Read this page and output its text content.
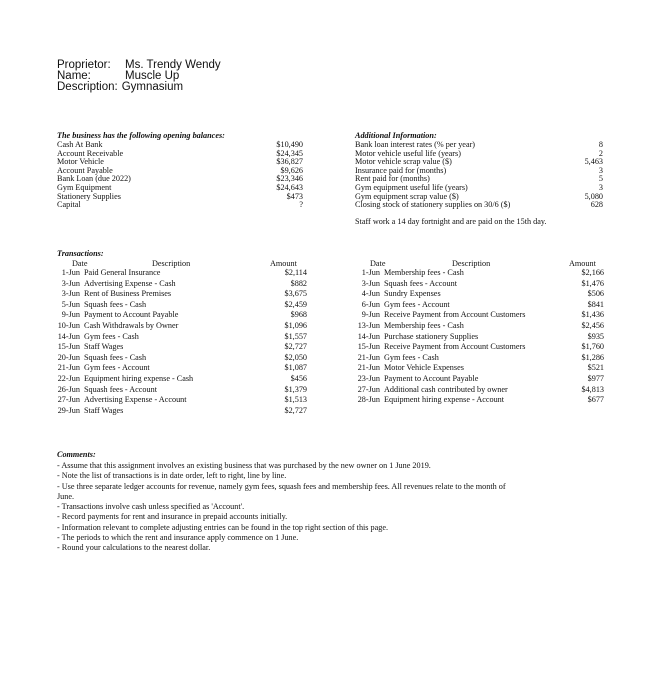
Proprietor:	Ms. Trendy Wendy
Name:	Muscle Up
Description: Gymnasium
The business has the following opening balances:
Cash At Bank	$10,490
Account Receivable	$24,345
Motor Vehicle	$36,827
Account Payable	$9,626
Bank Loan (due 2022)	$23,346
Gym Equipment	$24,643
Stationery Supplies	$473
Capital	?
Additional Information:
Bank loan interest rates (% per year)	8
Motor vehicle useful life (years)	2
Motor vehicle scrap value ($)	5,463
Insurance paid for (months)	3
Rent paid for (months)	5
Gym equipment useful life (years)	3
Gym equipment scrap value ($)	5,080
Closing stock of stationery supplies on 30/6 ($)	628
Staff work a 14 day fortnight and are paid on the 15th day.
Transactions:
Date	Description	Amount
1-Jun Paid General Insurance	$2,114
3-Jun Advertising Expense - Cash	$882
3-Jun Rent of Business Premises	$3,675
5-Jun Squash fees - Cash	$2,459
9-Jun Payment to Account Payable	$968
10-Jun Cash Withdrawals by Owner	$1,096
14-Jun Gym fees - Cash	$1,557
15-Jun Staff Wages	$2,727
20-Jun Squash fees - Cash	$2,050
21-Jun Gym fees - Account	$1,087
22-Jun Equipment hiring expense - Cash	$456
26-Jun Squash fees - Account	$1,379
27-Jun Advertising Expense - Account	$1,513
29-Jun Staff Wages	$2,727
Date	Description	Amount
1-Jun Membership fees - Cash	$2,166
3-Jun Squash fees - Account	$1,476
4-Jun Sundry Expenses	$506
6-Jun Gym fees - Account	$841
9-Jun Receive Payment from Account Customers	$1,436
13-Jun Membership fees - Cash	$2,456
14-Jun Purchase stationery Supplies	$935
15-Jun Receive Payment from Account Customers	$1,760
21-Jun Gym fees - Cash	$1,286
21-Jun Motor Vehicle Expenses	$521
23-Jun Payment to Account Payable	$977
27-Jun Additional cash contributed by owner	$4,813
28-Jun Equipment hiring expense - Account	$677
Comments:
- Assume that this assignment involves an existing business that was purchased by the new owner on 1 June 2019.
- Note the list of transactions is in date order, left to right, line by line.
- Use three separate ledger accounts for revenue, namely gym fees, squash fees and membership fees. All revenues relate to the month of
June.
- Transactions involve cash unless specified as 'Account'.
- Record payments for rent and insurance in prepaid accounts initially.
- Information relevant to complete adjusting entries can be found in the top right section of this page.
- The periods to which the rent and insurance apply commence on 1 June.
- Round your calculations to the nearest dollar.
